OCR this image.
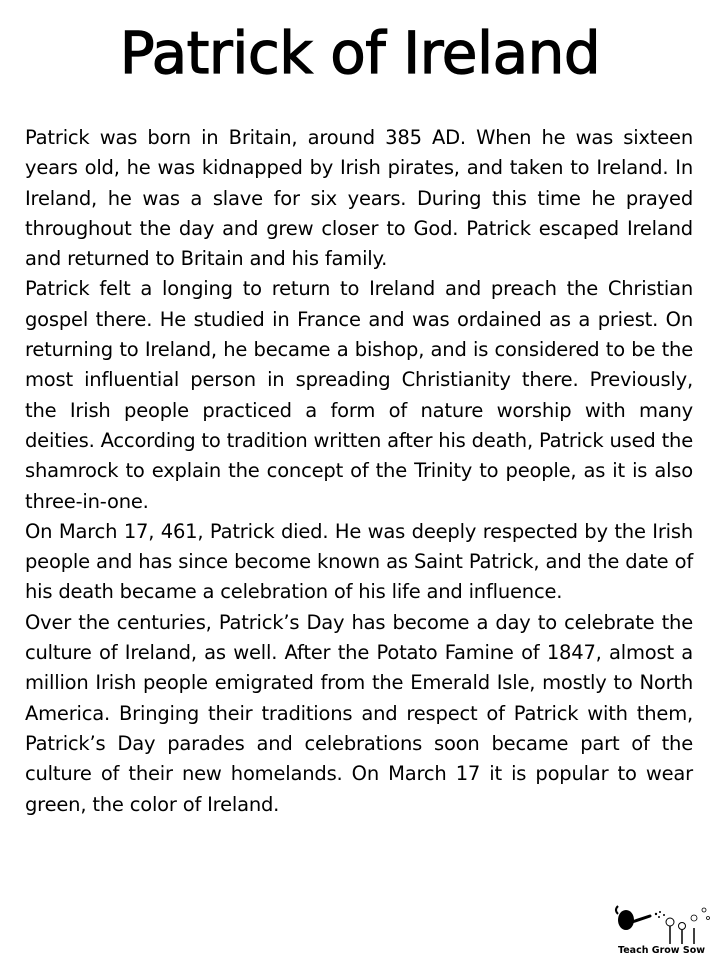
Patrick of Ireland

Patrick was born in Britain, around 385 AD. When he was sixteen years old, he was kidnapped by Irish pirates, and taken to Ireland. In Ireland, he was a slave for six years. During this time he prayed throughout the day and grew closer to God. Patrick escaped Ireland and returned to Britain and his family.

Patrick felt a longing to return to Ireland and preach the Christian gospel there. He studied in France and was ordained as a priest. On returning to Ireland, he became a bishop, and is considered to be the most influential person in spreading Christianity there. Previously, the Irish people practiced a form of nature worship with many deities. According to tradition written after his death, Patrick used the shamrock to explain the concept of the Trinity to people, as it is also three-in-one.

On March 17, 461, Patrick died. He was deeply respected by the Irish people and has since become known as Saint Patrick, and the date of his death became a celebration of his life and influence.

Over the centuries, Patrick’s Day has become a day to celebrate the culture of Ireland, as well. After the Potato Famine of 1847, almost a million Irish people emigrated from the Emerald Isle, mostly to North America. Bringing their traditions and respect of Patrick with them, Patrick’s Day parades and celebrations soon became part of the culture of their new homelands. On March 17 it is popular to wear green, the color of Ireland.

Teach Grow Sow
